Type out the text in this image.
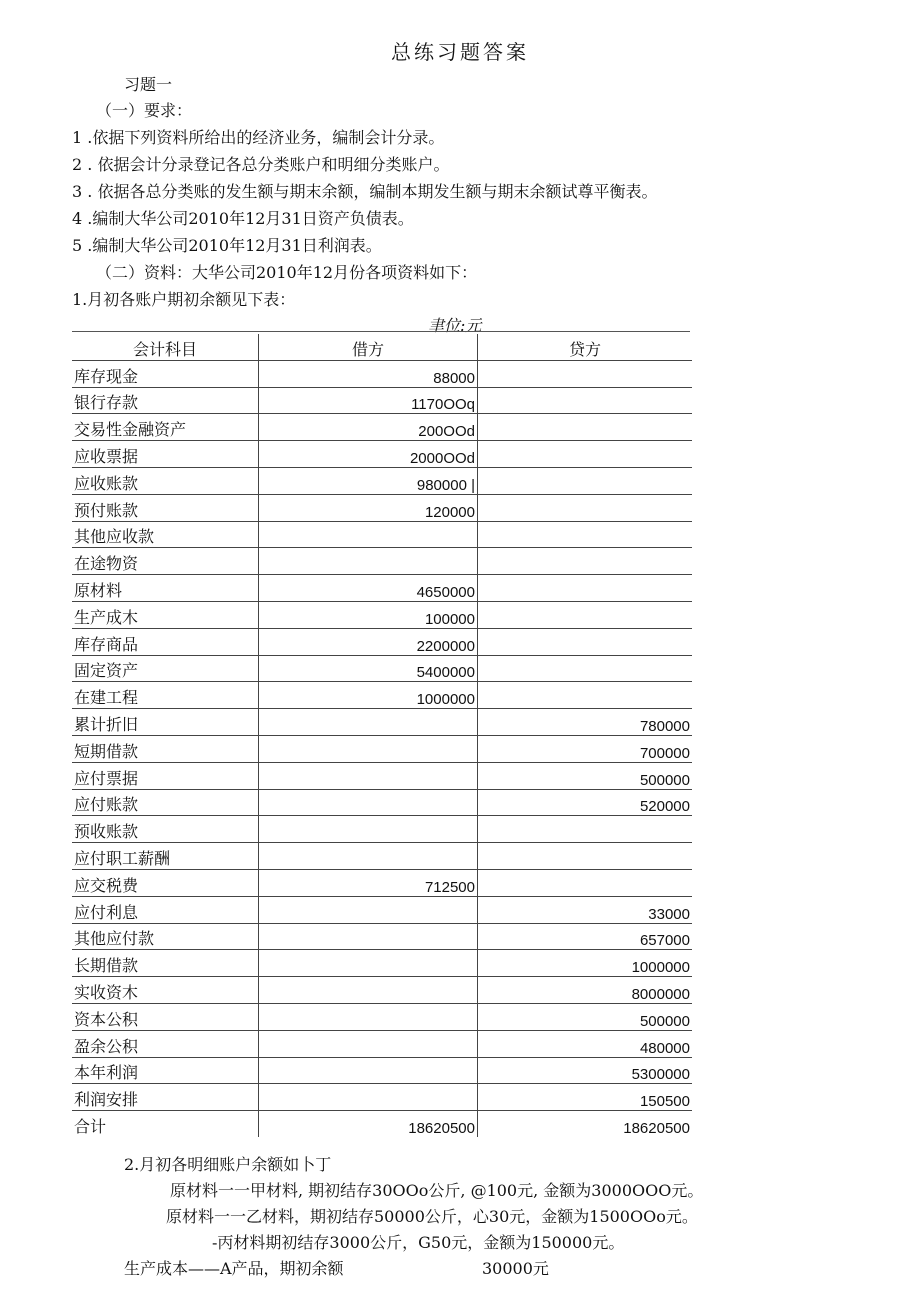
总练习题答案
习题一
（一）要求：
1 .依据下列资料所给出的经济业务，编制会计分录。
2 . 依据会计分录登记各总分类账户和明细分类账户。
3 . 依据各总分类账的发生额与期末余额，编制本期发生额与期末余额试尊平衡表。
4 .编制大华公司2010年12月31日资产负债表。
5 .编制大华公司2010年12月31日利润表。
（二）资料：大华公司2010年12月份各项资料如下：
1.月初各账户期初余额见下表：
聿位:元
会计科目	借方	贷方
库存现金	88000	
银行存款	1170OOq	
交易性金融资产	200OOd	
应收票据	2000OOd	
应收账款	980000 |	
预付账款	120000	
其他应收款		
在途物资		
原材料	4650000	
生产成木	100000	
库存商品	2200000	
固定资产	5400000	
在建工程	1000000	
累计折旧		780000
短期借款		700000
应付票据		500000
应付账款		520000
预收账款		
应付职工薪酬		
应交税费	712500	
应付利息		33000
其他应付款		657000
长期借款		1000000
实收资木		8000000
资本公积		500000
盈余公积		480000
本年利润		5300000
利润安排		150500
合计	18620500	18620500
2.月初各明细账户余额如卜丁
原材料一一甲材料, 期初结存30OOo公斤, @100元, 金额为3000OOO元。
原材料一一乙材料，期初结存50000公斤，心30元，金额为1500OOo元。
-丙材料期初结存3000公斤，G50元，金额为150000元。
生产成本——A产品，期初余额	30000元
